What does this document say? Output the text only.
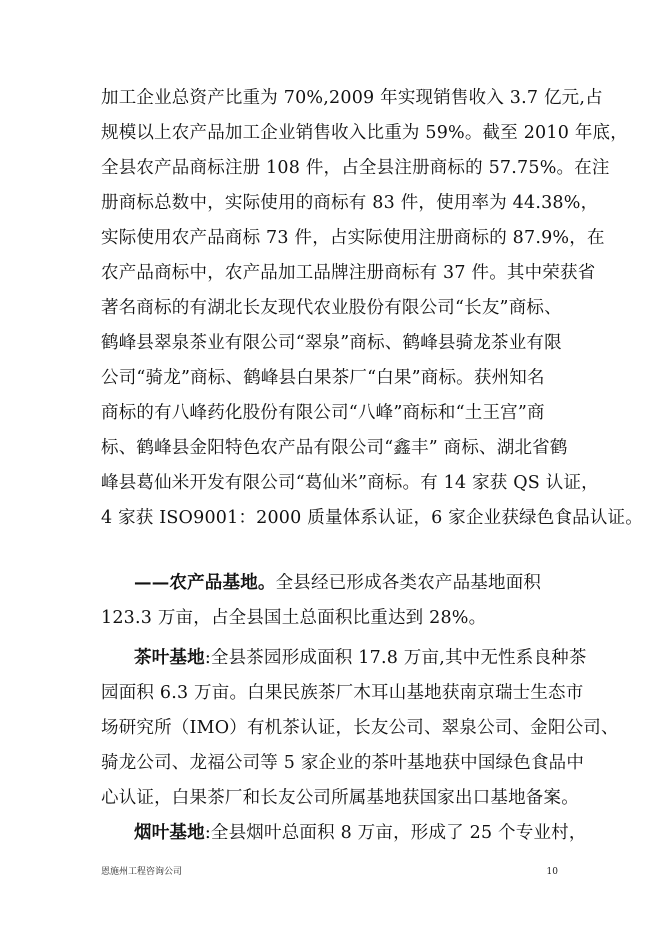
加工企业总资产比重为 70%,2009 年实现销售收入 3.7 亿元,占
规模以上农产品加工企业销售收入比重为 59%。截至 2010 年底，
全县农产品商标注册 108 件，占全县注册商标的 57.75%。在注
册商标总数中，实际使用的商标有 83 件，使用率为 44.38%，
实际使用农产品商标 73 件，占实际使用注册商标的 87.9%，在
农产品商标中，农产品加工品牌注册商标有 37 件。其中荣获省
著名商标的有湖北长友现代农业股份有限公司“长友”商标、
鹤峰县翠泉茶业有限公司“翠泉”商标、鹤峰县骑龙茶业有限
公司“骑龙”商标、鹤峰县白果茶厂“白果”商标。获州知名
商标的有八峰药化股份有限公司“八峰”商标和“土王宫”商
标、鹤峰县金阳特色农产品有限公司“鑫丰” 商标、湖北省鹤
峰县葛仙米开发有限公司“葛仙米”商标。有 14 家获 QS 认证，
4 家获 ISO9001：2000 质量体系认证，6 家企业获绿色食品认证。
——农产品基地。全县经已形成各类农产品基地面积
123.3 万亩，占全县国土总面积比重达到 28%。
茶叶基地:全县茶园形成面积 17.8 万亩,其中无性系良种茶
园面积 6.3 万亩。白果民族茶厂木耳山基地获南京瑞士生态市
场研究所（IMO）有机茶认证，长友公司、翠泉公司、金阳公司、
骑龙公司、龙福公司等 5 家企业的茶叶基地获中国绿色食品中
心认证，白果茶厂和长友公司所属基地获国家出口基地备案。
烟叶基地:全县烟叶总面积 8 万亩，形成了 25 个专业村，
恩施州工程咨询公司	10
